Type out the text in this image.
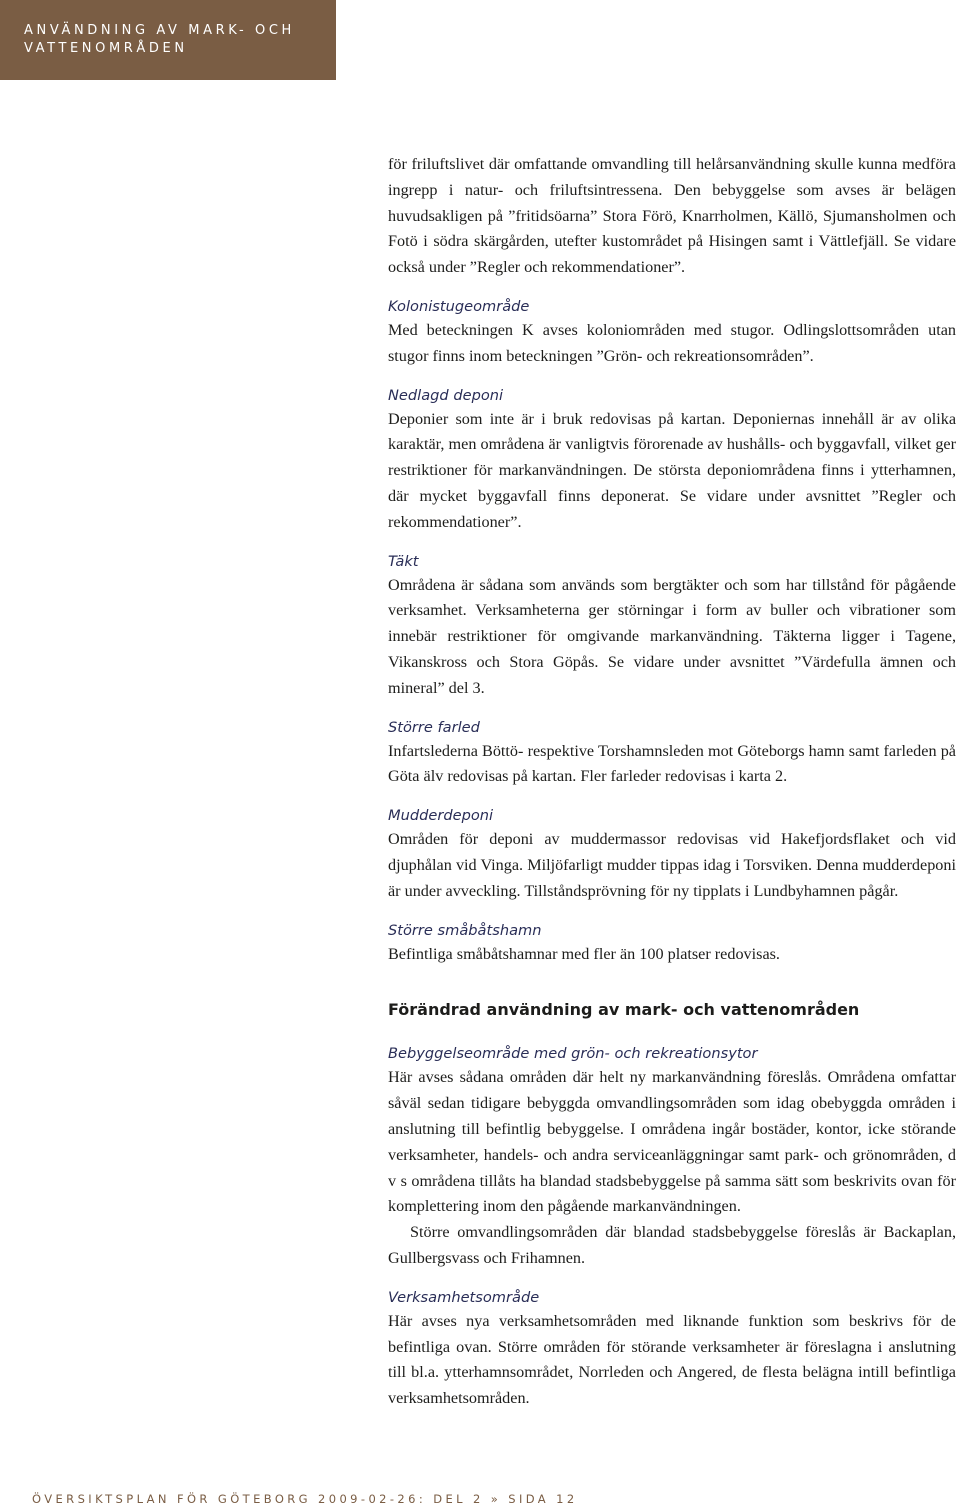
ANVÄNDNING AV MARK- OCH VATTENOMRÅDEN

för friluftslivet där omfattande omvandling till helårsanvändning skulle kunna medföra ingrepp i natur- och friluftsintressena. Den bebyggelse som avses är belägen huvudsakligen på ”fritidsöarna” Stora Förö, Knarrholmen, Källö, Sjumansholmen och Fotö i södra skärgården, utefter kustområdet på Hisingen samt i Vättlefjäll. Se vidare också under ”Regler och rekommendationer”.

Kolonistugeområde

Med beteckningen K avses koloniområden med stugor. Odlingslottsområden utan stugor finns inom beteckningen ”Grön- och rekreationsområden”.

Nedlagd deponi

Deponier som inte är i bruk redovisas på kartan. Deponiernas innehåll är av olika karaktär, men områdena är vanligtvis förorenade av hushålls- och byggavfall, vilket ger restriktioner för markanvändningen. De största deponiområdena finns i ytterhamnen, där mycket byggavfall finns deponerat. Se vidare under avsnittet ”Regler och rekommendationer”.

Täkt

Områdena är sådana som används som bergtäkter och som har tillstånd för pågående verksamhet. Verksamheterna ger störningar i form av buller och vibrationer som innebär restriktioner för omgivande markanvändning. Täkterna ligger i Tagene, Vikanskross och Stora Göpås. Se vidare under avsnittet ”Värdefulla ämnen och mineral” del 3.

Större farled

Infartslederna Böttö- respektive Torshamnsleden mot Göteborgs hamn samt farleden på Göta älv redovisas på kartan. Fler farleder redovisas i karta 2.

Mudderdeponi

Områden för deponi av muddermassor redovisas vid Hakefjordsflaket och vid djuphålan vid Vinga. Miljöfarligt mudder tippas idag i Torsviken. Denna mudderdeponi är under avveckling. Tillståndsprövning för ny tipplats i Lundbyhamnen pågår.

Större småbåtshamn

Befintliga småbåtshamnar med fler än 100 platser redovisas.

Förändrad användning av mark- och vattenområden
Bebyggelseområde med grön- och rekreationsytor

Här avses sådana områden där helt ny markanvändning föreslås. Områdena omfattar såväl sedan tidigare bebyggda omvandlingsområden som idag obebyggda områden i anslutning till befintlig bebyggelse. I områdena ingår bostäder, kontor, icke störande verksamheter, handels- och andra serviceanläggningar samt park- och grönområden, d v s områdena tillåts ha blandad stadsbebyggelse på samma sätt som beskrivits ovan för komplettering inom den pågående markanvändningen.

Större omvandlingsområden där blandad stadsbebyggelse föreslås är Backaplan, Gullbergsvass och Frihamnen.

Verksamhetsområde

Här avses nya verksamhetsområden med liknande funktion som beskrivs för de befintliga ovan. Större områden för störande verksamheter är föreslagna i anslutning till bl.a. ytterhamnsområdet, Norrleden och Angered, de flesta belägna intill befintliga verksamhetsområden.

ÖVERSIKTSPLAN FÖR GÖTEBORG 2009-02-26: DEL 2 » SIDA 12
